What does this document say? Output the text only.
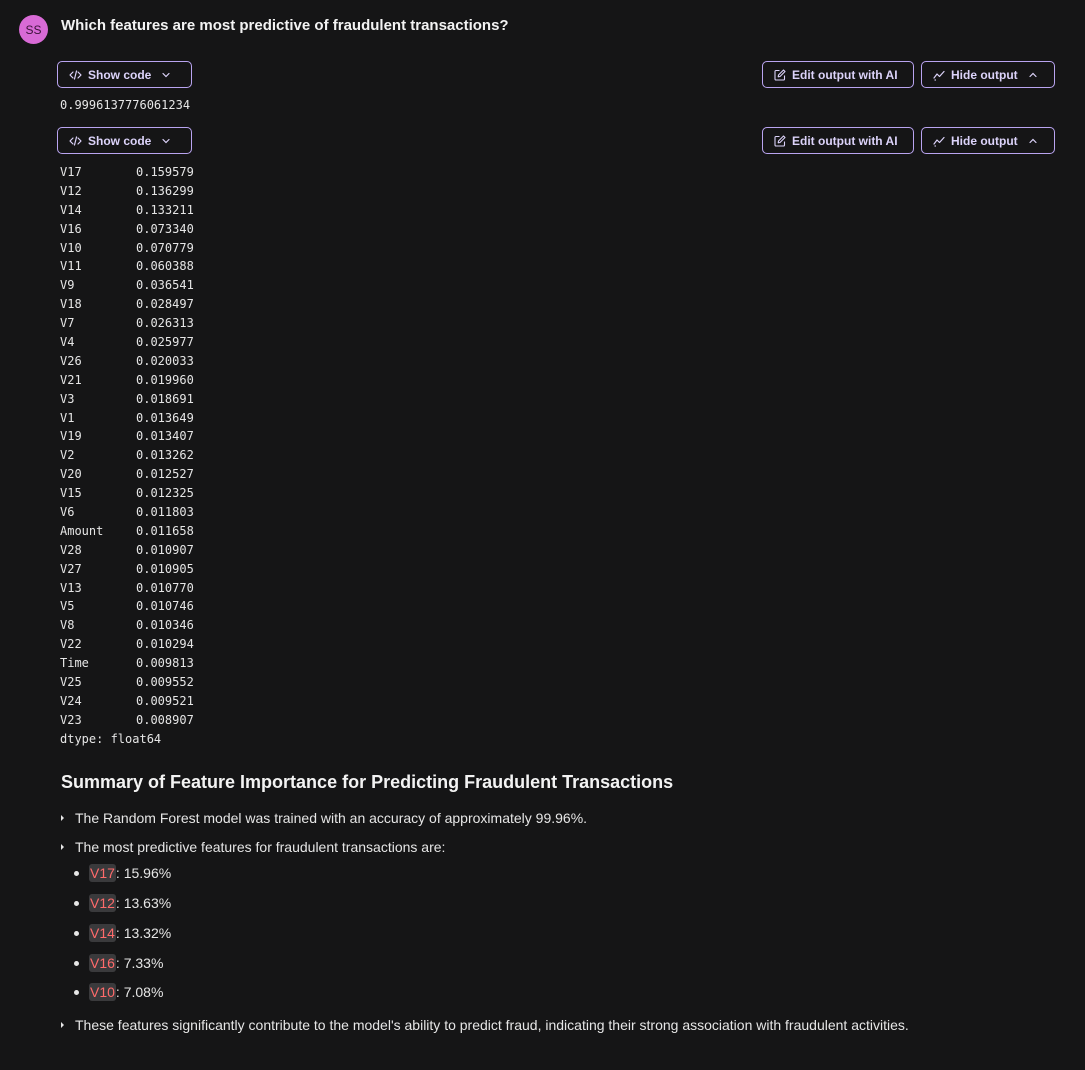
SS	Which features are most predictive of fraudulent transactions?
Show code	Edit output with AI	Hide output
0.9996137776061234
Show code	Edit output with AI	Hide output
V17	0.159579
V12	0.136299
V14	0.133211
V16	0.073340
V10	0.070779
V11	0.060388
V9	0.036541
V18	0.028497
V7	0.026313
V4	0.025977
V26	0.020033
V21	0.019960
V3	0.018691
V1	0.013649
V19	0.013407
V2	0.013262
V20	0.012527
V15	0.012325
V6	0.011803
Amount	0.011658
V28	0.010907
V27	0.010905
V13	0.010770
V5	0.010746
V8	0.010346
V22	0.010294
Time	0.009813
V25	0.009552
V24	0.009521
V23	0.008907
dtype: float64
Summary of Feature Importance for Predicting Fraudulent Transactions
The Random Forest model was trained with an accuracy of approximately 99.96%.
The most predictive features for fraudulent transactions are:
V17 : 15.96%
V12 : 13.63%
V14 : 13.32%
V16 : 7.33%
V10 : 7.08%
These features significantly contribute to the model's ability to predict fraud, indicating their strong association with fraudulent activities.
